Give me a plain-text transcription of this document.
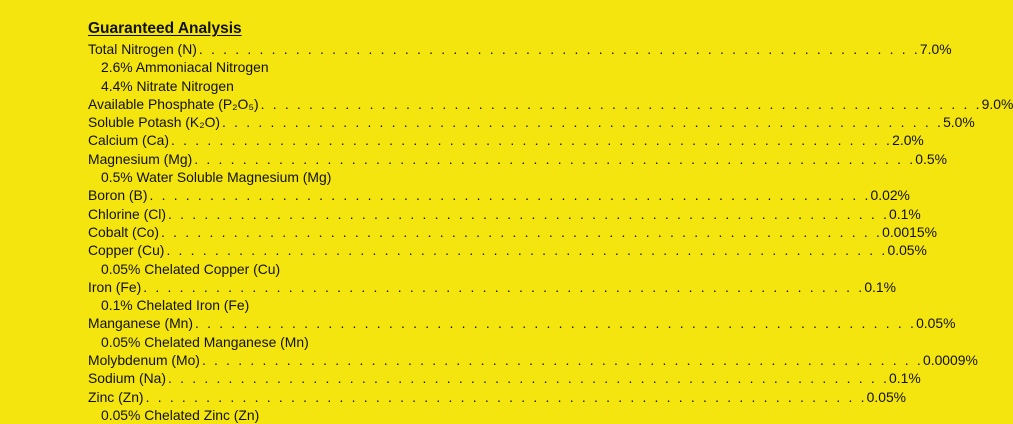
Guaranteed Analysis
Total Nitrogen (N) . . . . . . . . . . . . . . . . . . . . . . . . . . . . . . . . . . . . . . . . . . . . . . . . . . . . . . . . . . . . 7.0%
2.6% Ammoniacal Nitrogen
4.4% Nitrate Nitrogen
Available Phosphate (P₂O₅) . . . . . . . . . . . . . . . . . . . . . . . . . . . . . . . . . . . . . . . . . . . . . . . . . . . . . . . . . . . . 9.0%
Soluble Potash (K₂O) . . . . . . . . . . . . . . . . . . . . . . . . . . . . . . . . . . . . . . . . . . . . . . . . . . . . . . . . . . . . 5.0%
Calcium (Ca) . . . . . . . . . . . . . . . . . . . . . . . . . . . . . . . . . . . . . . . . . . . . . . . . . . . . . . . . . . . . 2.0%
Magnesium (Mg) . . . . . . . . . . . . . . . . . . . . . . . . . . . . . . . . . . . . . . . . . . . . . . . . . . . . . . . . . . . . 0.5%
0.5% Water Soluble Magnesium (Mg)
Boron (B) . . . . . . . . . . . . . . . . . . . . . . . . . . . . . . . . . . . . . . . . . . . . . . . . . . . . . . . . . . . . 0.02%
Chlorine (Cl) . . . . . . . . . . . . . . . . . . . . . . . . . . . . . . . . . . . . . . . . . . . . . . . . . . . . . . . . . . . . 0.1%
Cobalt (Co) . . . . . . . . . . . . . . . . . . . . . . . . . . . . . . . . . . . . . . . . . . . . . . . . . . . . . . . . . . . . 0.0015%
Copper (Cu) . . . . . . . . . . . . . . . . . . . . . . . . . . . . . . . . . . . . . . . . . . . . . . . . . . . . . . . . . . . . 0.05%
0.05% Chelated Copper (Cu)
Iron (Fe) . . . . . . . . . . . . . . . . . . . . . . . . . . . . . . . . . . . . . . . . . . . . . . . . . . . . . . . . . . . . 0.1%
0.1% Chelated Iron (Fe)
Manganese (Mn) . . . . . . . . . . . . . . . . . . . . . . . . . . . . . . . . . . . . . . . . . . . . . . . . . . . . . . . . . . . . 0.05%
0.05% Chelated Manganese (Mn)
Molybdenum (Mo) . . . . . . . . . . . . . . . . . . . . . . . . . . . . . . . . . . . . . . . . . . . . . . . . . . . . . . . . . . . . 0.0009%
Sodium (Na) . . . . . . . . . . . . . . . . . . . . . . . . . . . . . . . . . . . . . . . . . . . . . . . . . . . . . . . . . . . . 0.1%
Zinc (Zn) . . . . . . . . . . . . . . . . . . . . . . . . . . . . . . . . . . . . . . . . . . . . . . . . . . . . . . . . . . . . 0.05%
0.05% Chelated Zinc (Zn)
